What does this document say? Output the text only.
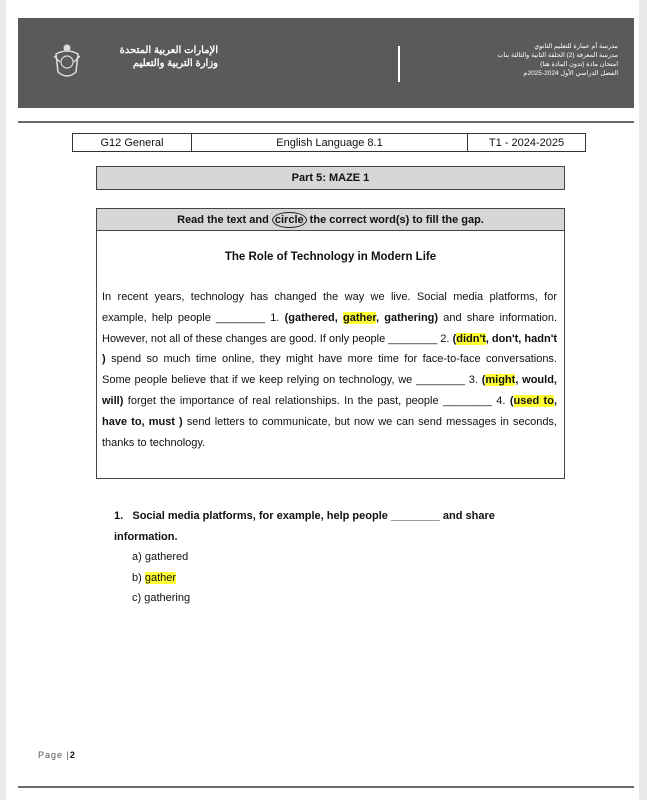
الإمارات العربية المتحدة
وزارة التربية والتعليم
مدرسة أم عمارة للتعليم الثانوي
مدرسة المعرفة (2) الحلقة الثانية والثالثة بنات
امتحان مادة (تدون المادة هنا)
الفصل الدراسي الأول 2024-2025م
G12 General	English Language 8.1	T1 - 2024-2025
Part 5: MAZE 1
Read the text and circle the correct word(s) to fill the gap.
The Role of Technology in Modern Life
In recent years, technology has changed the way we live. Social media platforms, for example, help people ________ 1. (gathered, gather, gathering) and share information. However, not all of these changes are good. If only people ________ 2. (didn't, don't, hadn't ) spend so much time online, they might have more time for face-to-face conversations. Some people believe that if we keep relying on technology, we ________ 3. (might, would, will) forget the importance of real relationships. In the past, people ________ 4. (used to, have to, must ) send letters to communicate, but now we can send messages in seconds, thanks to technology.
1. Social media platforms, for example, help people ________ and share information.
a) gathered
b) gather
c) gathering
Page |2
